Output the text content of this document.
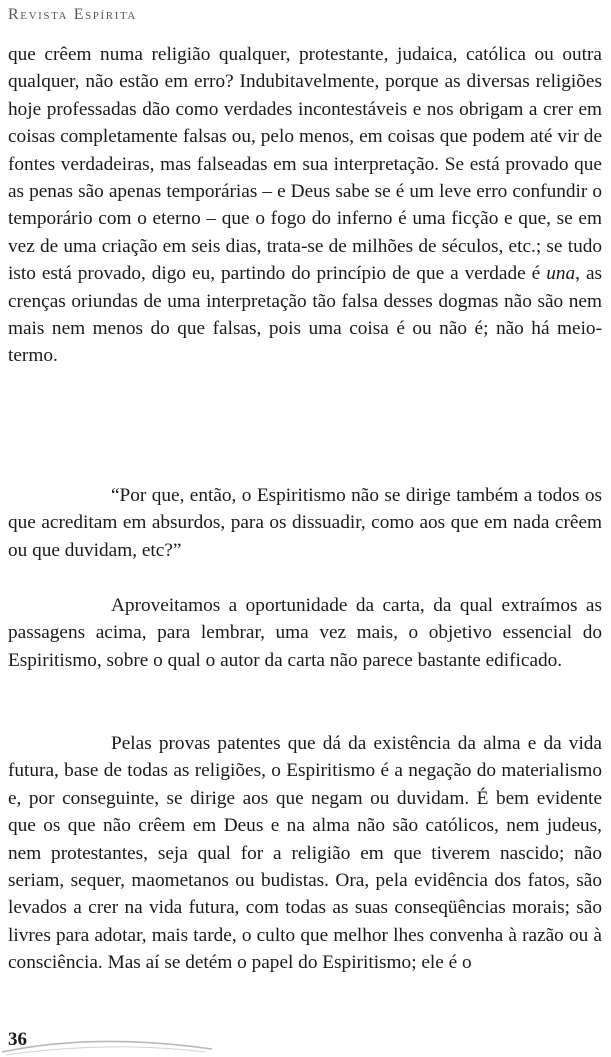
Revista Espírita

que crêem numa religião qualquer, protestante, judaica, católica ou outra qualquer, não estão em erro? Indubitavelmente, porque as diversas religiões hoje professadas dão como verdades incontestáveis e nos obrigam a crer em coisas completamente falsas ou, pelo menos, em coisas que podem até vir de fontes verdadeiras, mas falseadas em sua interpretação. Se está provado que as penas são apenas temporárias – e Deus sabe se é um leve erro confundir o temporário com o eterno – que o fogo do inferno é uma ficção e que, se em vez de uma criação em seis dias, trata-se de milhões de séculos, etc.; se tudo isto está provado, digo eu, partindo do princípio de que a verdade é una, as crenças oriundas de uma interpretação tão falsa desses dogmas não são nem mais nem menos do que falsas, pois uma coisa é ou não é; não há meio-termo.

“Por que, então, o Espiritismo não se dirige também a todos os que acreditam em absurdos, para os dissuadir, como aos que em nada crêem ou que duvidam, etc?”

Aproveitamos a oportunidade da carta, da qual extraímos as passagens acima, para lembrar, uma vez mais, o objetivo essencial do Espiritismo, sobre o qual o autor da carta não parece bastante edificado.

Pelas provas patentes que dá da existência da alma e da vida futura, base de todas as religiões, o Espiritismo é a negação do materialismo e, por conseguinte, se dirige aos que negam ou duvidam. É bem evidente que os que não crêem em Deus e na alma não são católicos, nem judeus, nem protestantes, seja qual for a religião em que tiverem nascido; não seriam, sequer, maometanos ou budistas. Ora, pela evidência dos fatos, são levados a crer na vida futura, com todas as suas conseqüências morais; são livres para adotar, mais tarde, o culto que melhor lhes convenha à razão ou à consciência. Mas aí se detém o papel do Espiritismo; ele é o

36
